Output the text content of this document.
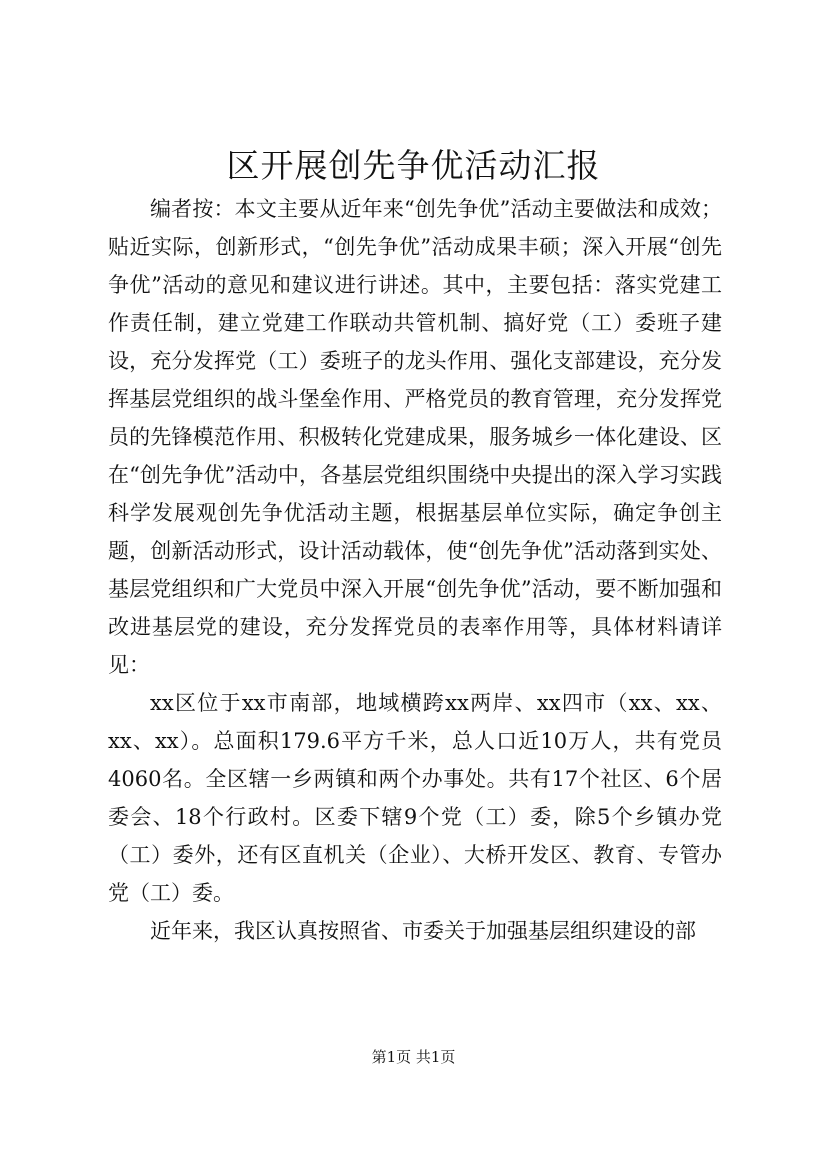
区开展创先争优活动汇报

编者按：本文主要从近年来“创先争优”活动主要做法和成效；贴近实际，创新形式，“创先争优”活动成果丰硕；深入开展“创先争优”活动的意见和建议进行讲述。其中，主要包括：落实党建工作责任制，建立党建工作联动共管机制、搞好党（工）委班子建设，充分发挥党（工）委班子的龙头作用、强化支部建设，充分发挥基层党组织的战斗堡垒作用、严格党员的教育管理，充分发挥党员的先锋模范作用、积极转化党建成果，服务城乡一体化建设、区在“创先争优”活动中，各基层党组织围绕中央提出的深入学习实践科学发展观创先争优活动主题，根据基层单位实际，确定争创主题，创新活动形式，设计活动载体，使“创先争优”活动落到实处、基层党组织和广大党员中深入开展“创先争优”活动，要不断加强和改进基层党的建设，充分发挥党员的表率作用等，具体材料请详见：

xx区位于xx市南部，地域横跨xx两岸、xx四市（xx、xx、xx、xx）。总面积179.6平方千米，总人口近10万人，共有党员4060名。全区辖一乡两镇和两个办事处。共有17个社区、6个居委会、18个行政村。区委下辖9个党（工）委，除5个乡镇办党（工）委外，还有区直机关（企业）、大桥开发区、教育、专管办党（工）委。

近年来，我区认真按照省、市委关于加强基层组织建设的部

第1页 共1页
